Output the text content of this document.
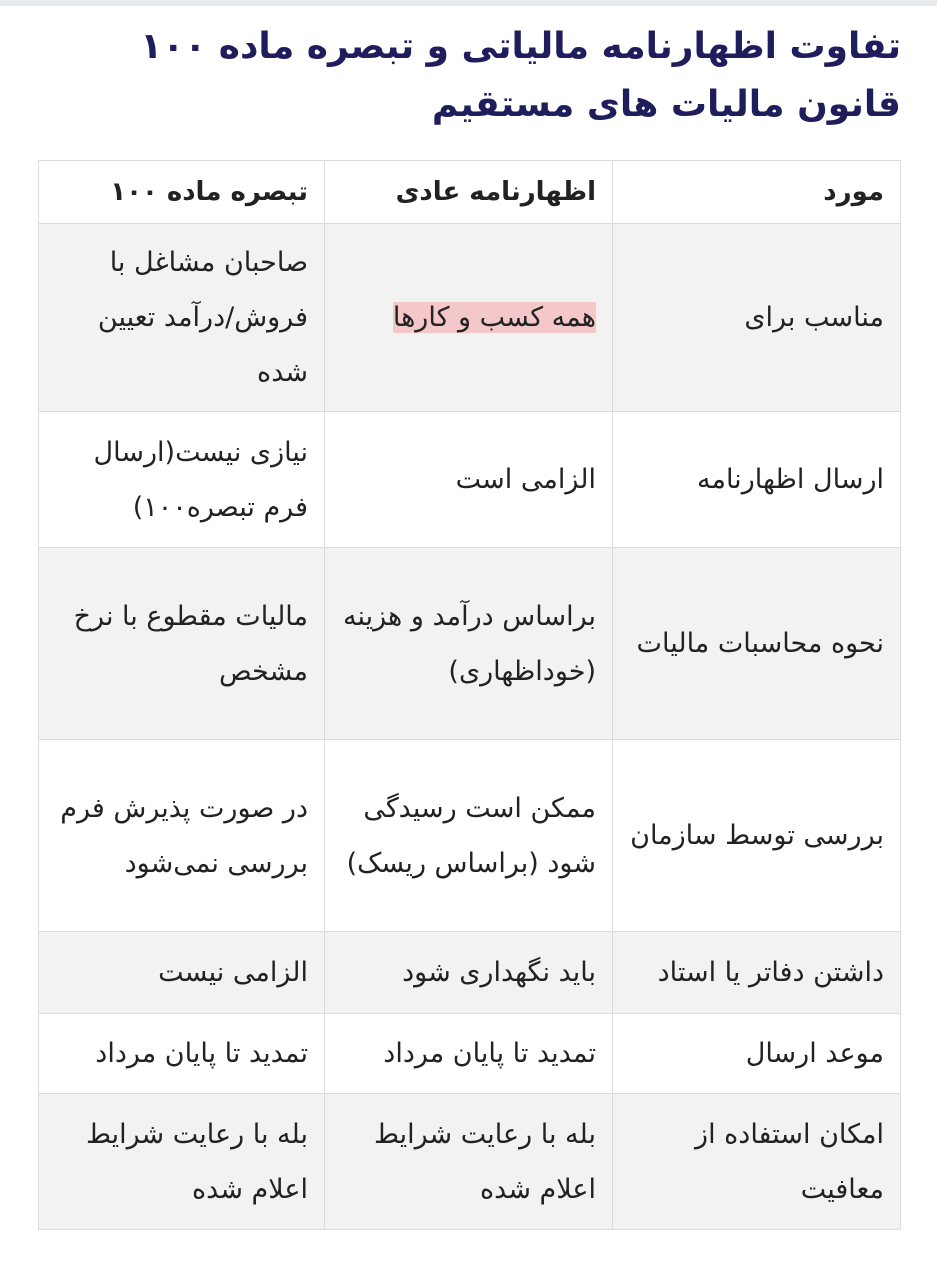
تفاوت اظهارنامه مالیاتی و تبصره ماده ۱۰۰ قانون مالیات های مستقیم
مورد	اظهارنامه عادی	تبصره ماده ۱۰۰
مناسب برای	همه کسب و کارها	صاحبان مشاغل با فروش/درآمد تعیین شده
ارسال اظهارنامه	الزامی است	نیازی نیست(ارسال فرم تبصره۱۰۰)
نحوه محاسبات مالیات	براساس درآمد و هزینه (خوداظهاری)	مالیات مقطوع با نرخ مشخص
بررسی توسط سازمان	ممکن است رسیدگی شود (براساس ریسک)	در صورت پذیرش فرم بررسی نمی‌شود
داشتن دفاتر یا استاد	باید نگهداری شود	الزامی نیست
موعد ارسال	تمدید تا پایان مرداد	تمدید تا پایان مرداد
امکان استفاده از معافیت	بله با رعایت شرایط اعلام شده	بله با رعایت شرایط اعلام شده
